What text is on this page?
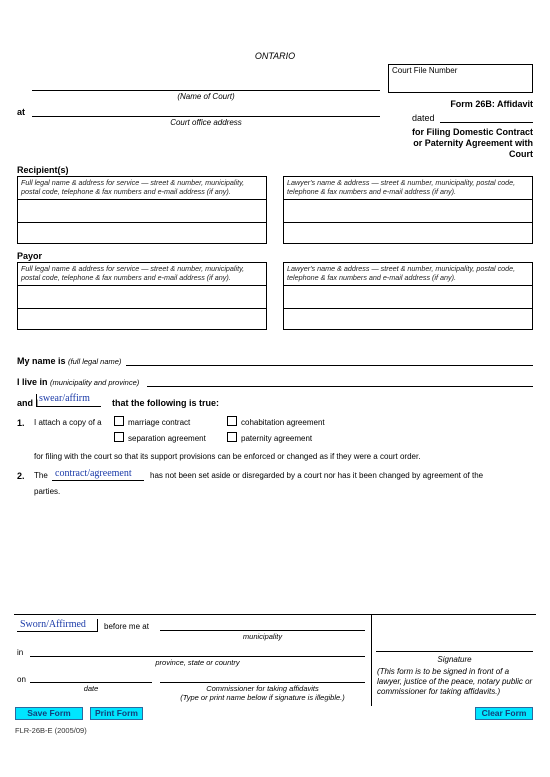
ONTARIO
Court File Number
(Name of Court)
at
Court office address
Form 26B: Affidavit
dated
for Filing Domestic Contract
or Paternity Agreement with
Court
Recipient(s)
Full legal name & address for service — street & number, municipality, postal code, telephone & fax numbers and e-mail address (if any).
Lawyer's name & address — street & number, municipality, postal code, telephone & fax numbers and e-mail address (if any).
Payor
Full legal name & address for service — street & number, municipality, postal code, telephone & fax numbers and e-mail address (if any).
Lawyer's name & address — street & number, municipality, postal code, telephone & fax numbers and e-mail address (if any).
My name is (full legal name)
I live in (municipality and province)
and I swear/affirm that the following is true:
1. I attach a copy of a	marriage contract	cohabitation agreement
separation agreement	paternity agreement
for filing with the court so that its support provisions can be enforced or changed as if they were a court order.
2. The contract/agreement has not been set aside or disregarded by a court nor has it been changed by agreement of the
parties.
Sworn/Affirmed before me at
municipality
in
province, state or country
on
date	Commissioner for taking affidavits
(Type or print name below if signature is illegible.)
Signature
(This form is to be signed in front of a lawyer, justice of the peace, notary public or commissioner for taking affidavits.)
Save Form	Print Form	Clear Form
FLR-26B-E (2005/09)
